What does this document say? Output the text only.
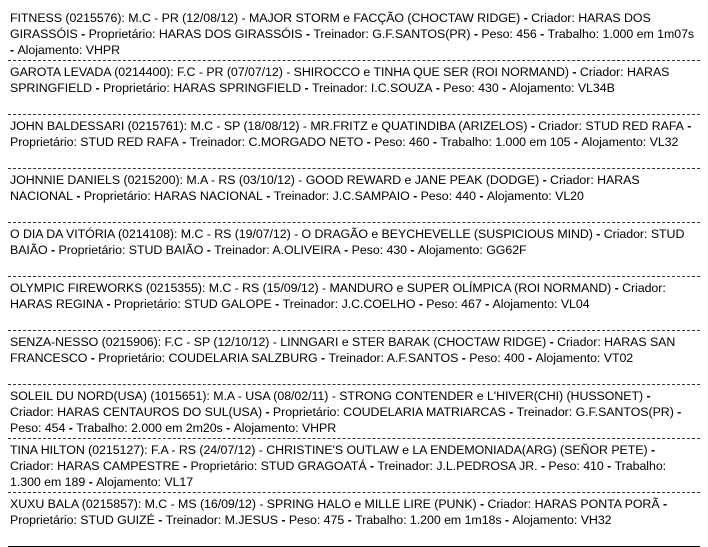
FITNESS (0215576): M.C - PR (12/08/12) - MAJOR STORM e FACÇÃO (CHOCTAW RIDGE) - Criador: HARAS DOS GIRASSÓIS - Proprietário: HARAS DOS GIRASSÓIS - Treinador: G.F.SANTOS(PR) - Peso: 456 - Trabalho: 1.000 em 1m07s - Alojamento: VHPR
GAROTA LEVADA (0214400): F.C - PR (07/07/12) - SHIROCCO e TINHA QUE SER (ROI NORMAND) - Criador: HARAS SPRINGFIELD - Proprietário: HARAS SPRINGFIELD - Treinador: I.C.SOUZA - Peso: 430 - Alojamento: VL34B
JOHN BALDESSARI (0215761): M.C - SP (18/08/12) - MR.FRITZ e QUATINDIBA (ARIZELOS) - Criador: STUD RED RAFA - Proprietário: STUD RED RAFA - Treinador: C.MORGADO NETO - Peso: 460 - Trabalho: 1.000 em 105 - Alojamento: VL32
JOHNNIE DANIELS (0215200): M.A - RS (03/10/12) - GOOD REWARD e JANE PEAK (DODGE) - Criador: HARAS NACIONAL - Proprietário: HARAS NACIONAL - Treinador: J.C.SAMPAIO - Peso: 440 - Alojamento: VL20
O DIA DA VITÓRIA (0214108): M.C - RS (19/07/12) - O DRAGÃO e BEYCHEVELLE (SUSPICIOUS MIND) - Criador: STUD BAIÃO - Proprietário: STUD BAIÃO - Treinador: A.OLIVEIRA - Peso: 430 - Alojamento: GG62F
OLYMPIC FIREWORKS (0215355): M.C - RS (15/09/12) - MANDURO e SUPER OLÍMPICA (ROI NORMAND) - Criador: HARAS REGINA - Proprietário: STUD GALOPE - Treinador: J.C.COELHO - Peso: 467 - Alojamento: VL04
SENZA-NESSO (0215906): F.C - SP (12/10/12) - LINNGARI e STER BARAK (CHOCTAW RIDGE) - Criador: HARAS SAN FRANCESCO - Proprietário: COUDELARIA SALZBURG - Treinador: A.F.SANTOS - Peso: 400 - Alojamento: VT02
SOLEIL DU NORD(USA) (1015651): M.A - USA (08/02/11) - STRONG CONTENDER e L'HIVER(CHI) (HUSSONET) - Criador: HARAS CENTAUROS DO SUL(USA) - Proprietário: COUDELARIA MATRIARCAS - Treinador: G.F.SANTOS(PR) - Peso: 454 - Trabalho: 2.000 em 2m20s - Alojamento: VHPR
TINA HILTON (0215127): F.A - RS (24/07/12) - CHRISTINE'S OUTLAW e LA ENDEMONIADA(ARG) (SEÑOR PETE) - Criador: HARAS CAMPESTRE - Proprietário: STUD GRAGOATÁ - Treinador: J.L.PEDROSA JR. - Peso: 410 - Trabalho: 1.300 em 189 - Alojamento: VL17
XUXU BALA (0215857): M.C - MS (16/09/12) - SPRING HALO e MILLE LIRE (PUNK) - Criador: HARAS PONTA PORÃ - Proprietário: STUD GUIZÉ - Treinador: M.JESUS - Peso: 475 - Trabalho: 1.200 em 1m18s - Alojamento: VH32
